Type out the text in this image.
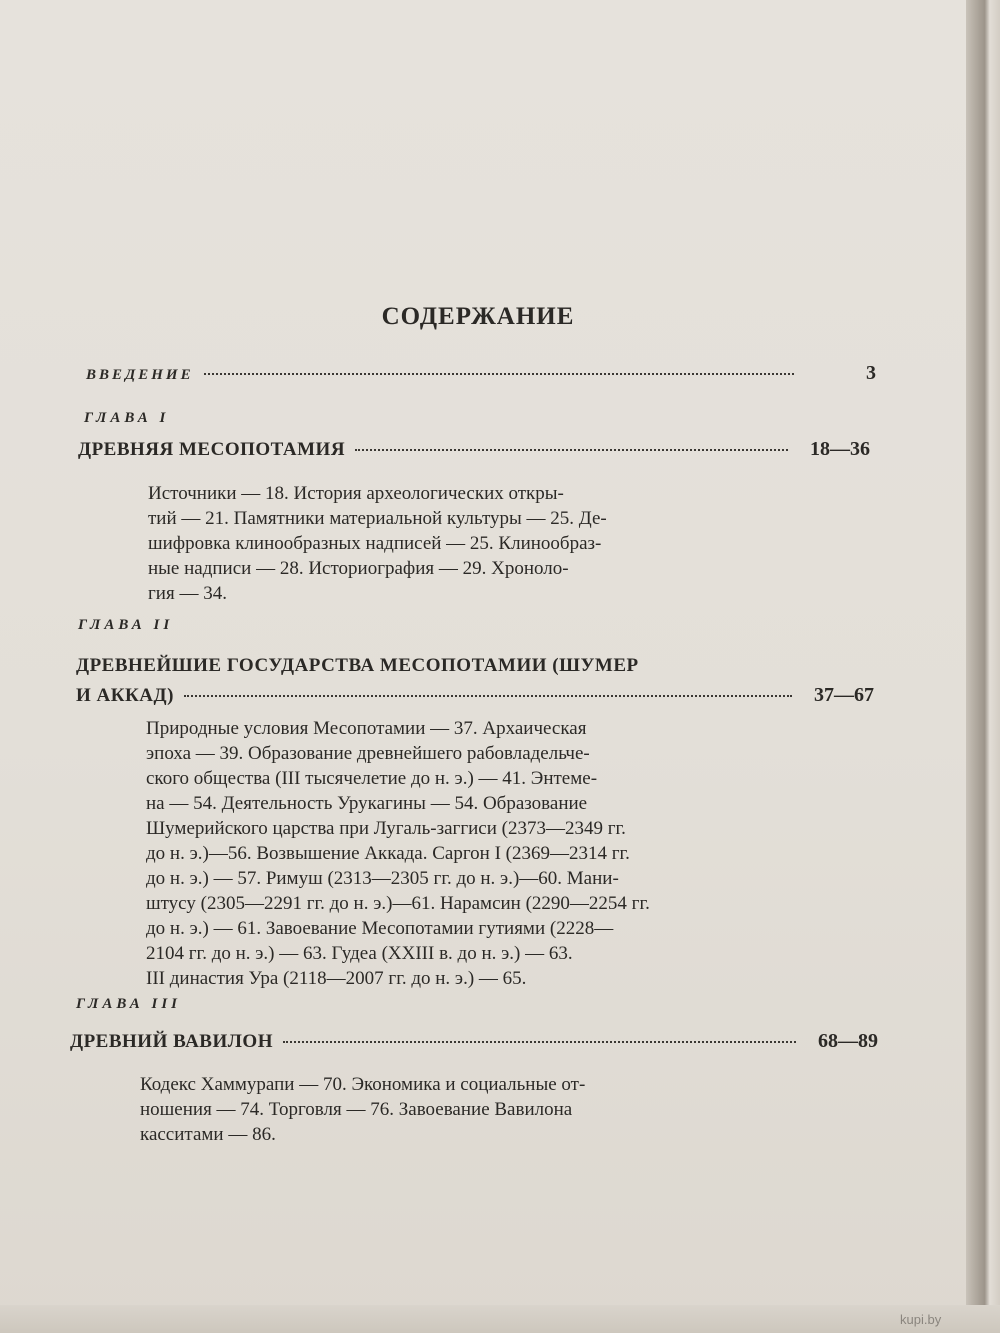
kupi.by
СОДЕРЖАНИЕ
ВВЕДЕНИЕ	3
ГЛАВА I
ДРЕВНЯЯ МЕСОПОТАМИЯ	18—36
Источники — 18. История археологических откры-
тий — 21. Памятники материальной культуры — 25. Де-
шифровка клинообразных надписей — 25. Клинообраз-
ные надписи — 28. Историография — 29. Хроноло-
гия — 34.
ГЛАВА II
ДРЕВНЕЙШИЕ ГОСУДАРСТВА МЕСОПОТАМИИ (ШУМЕР
И АККАД)	37—67
Природные условия Месопотамии — 37. Архаическая
эпоха — 39. Образование древнейшего рабовладельче-
ского общества (III тысячелетие до н. э.) — 41. Энтеме-
на — 54. Деятельность Урукагины — 54. Образование
Шумерийского царства при Лугаль-заггиси (2373—2349 гг.
до н. э.)—56. Возвышение Аккада. Саргон I (2369—2314 гг.
до н. э.) — 57. Римуш (2313—2305 гг. до н. э.)—60. Мани-
штусу (2305—2291 гг. до н. э.)—61. Нарамсин (2290—2254 гг.
до н. э.) — 61. Завоевание Месопотамии гутиями (2228—
2104 гг. до н. э.) — 63. Гудеа (XXIII в. до н. э.) — 63.
III династия Ура (2118—2007 гг. до н. э.) — 65.
ГЛАВА III
ДРЕВНИЙ ВАВИЛОН	68—89
Кодекс Хаммурапи — 70. Экономика и социальные от-
ношения — 74. Торговля — 76. Завоевание Вавилона
касситами — 86.
